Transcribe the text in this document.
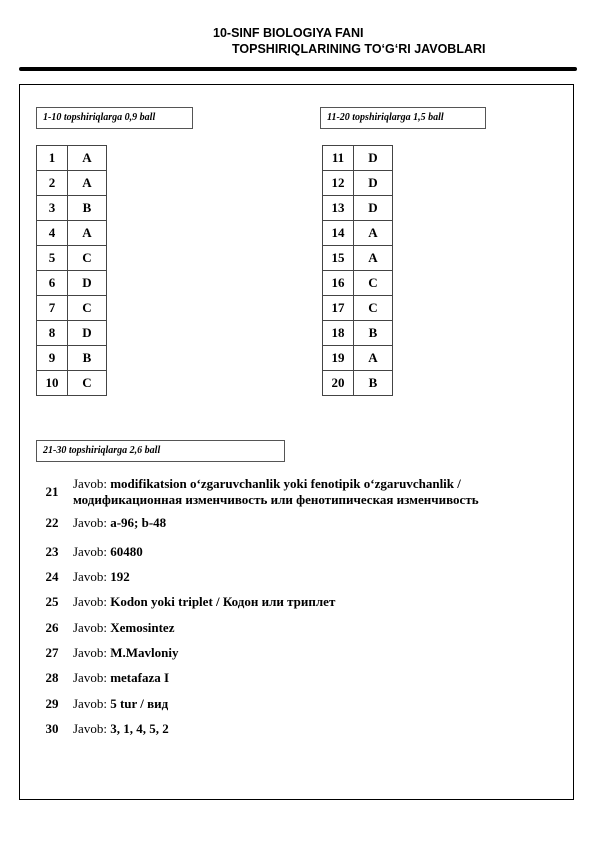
10-SINF BIOLOGIYA FANI
TOPSHIRIQLARINING TO‘G‘RI JAVOBLARI
1-10 topshiriqlarga 0,9 ball
1	A
2	A
3	B
4	A
5	C
6	D
7	C
8	D
9	B
10	C
11-20 topshiriqlarga 1,5 ball
11	D
12	D
13	D
14	A
15	A
16	C
17	C
18	B
19	A
20	B
21-30 topshiriqlarga 2,6 ball
21
Javob: modifikatsion o‘zgaruvchanlik yoki fenotipik o‘zgaruvchanlik / модификационная изменчивость или фенотипическая изменчивость
22	Javob: a-96; b-48
23	Javob: 60480
24	Javob: 192
25	Javob: Kodon yoki triplet / Кодон или триплет
26	Javob: Xemosintez
27	Javob: M.Mavloniy
28	Javob: metafaza I
29	Javob: 5 tur / вид
30	Javob: 3, 1, 4, 5, 2
